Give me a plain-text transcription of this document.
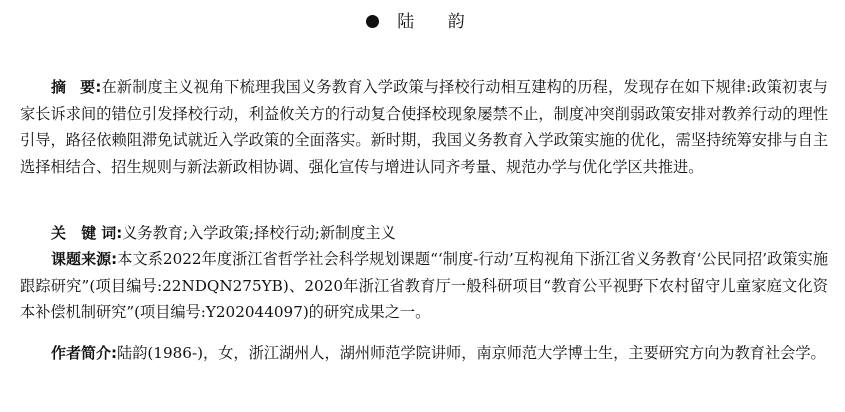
陆 韵
摘要:在新制度主义视角下梳理我国义务教育入学政策与择校行动相互建构的历程，发现存在如下规律:政策初衷与家长诉求间的错位引发择校行动，利益攸关方的行动复合使择校现象屡禁不止，制度冲突削弱政策安排对教养行动的理性引导，路径依赖阻滞免试就近入学政策的全面落实。新时期，我国义务教育入学政策实施的优化，需坚持统筹安排与自主选择相结合、招生规则与新法新政相协调、强化宣传与增进认同齐考量、规范办学与优化学区共推进。
关 键词:义务教育;入学政策;择校行动;新制度主义
课题来源:本文系2022年度浙江省哲学社会科学规划课题“‘制度-行动’互构视角下浙江省义务教育‘公民同招’政策实施跟踪研究”(项目编号:22NDQN275YB)、2020年浙江省教育厅一般科研项目“教育公平视野下农村留守儿童家庭文化资本补偿机制研究”(项目编号:Y202044097)的研究成果之一。
作者简介:陆韵(1986-)，女，浙江湖州人，湖州师范学院讲师，南京师范大学博士生，主要研究方向为教育社会学。
